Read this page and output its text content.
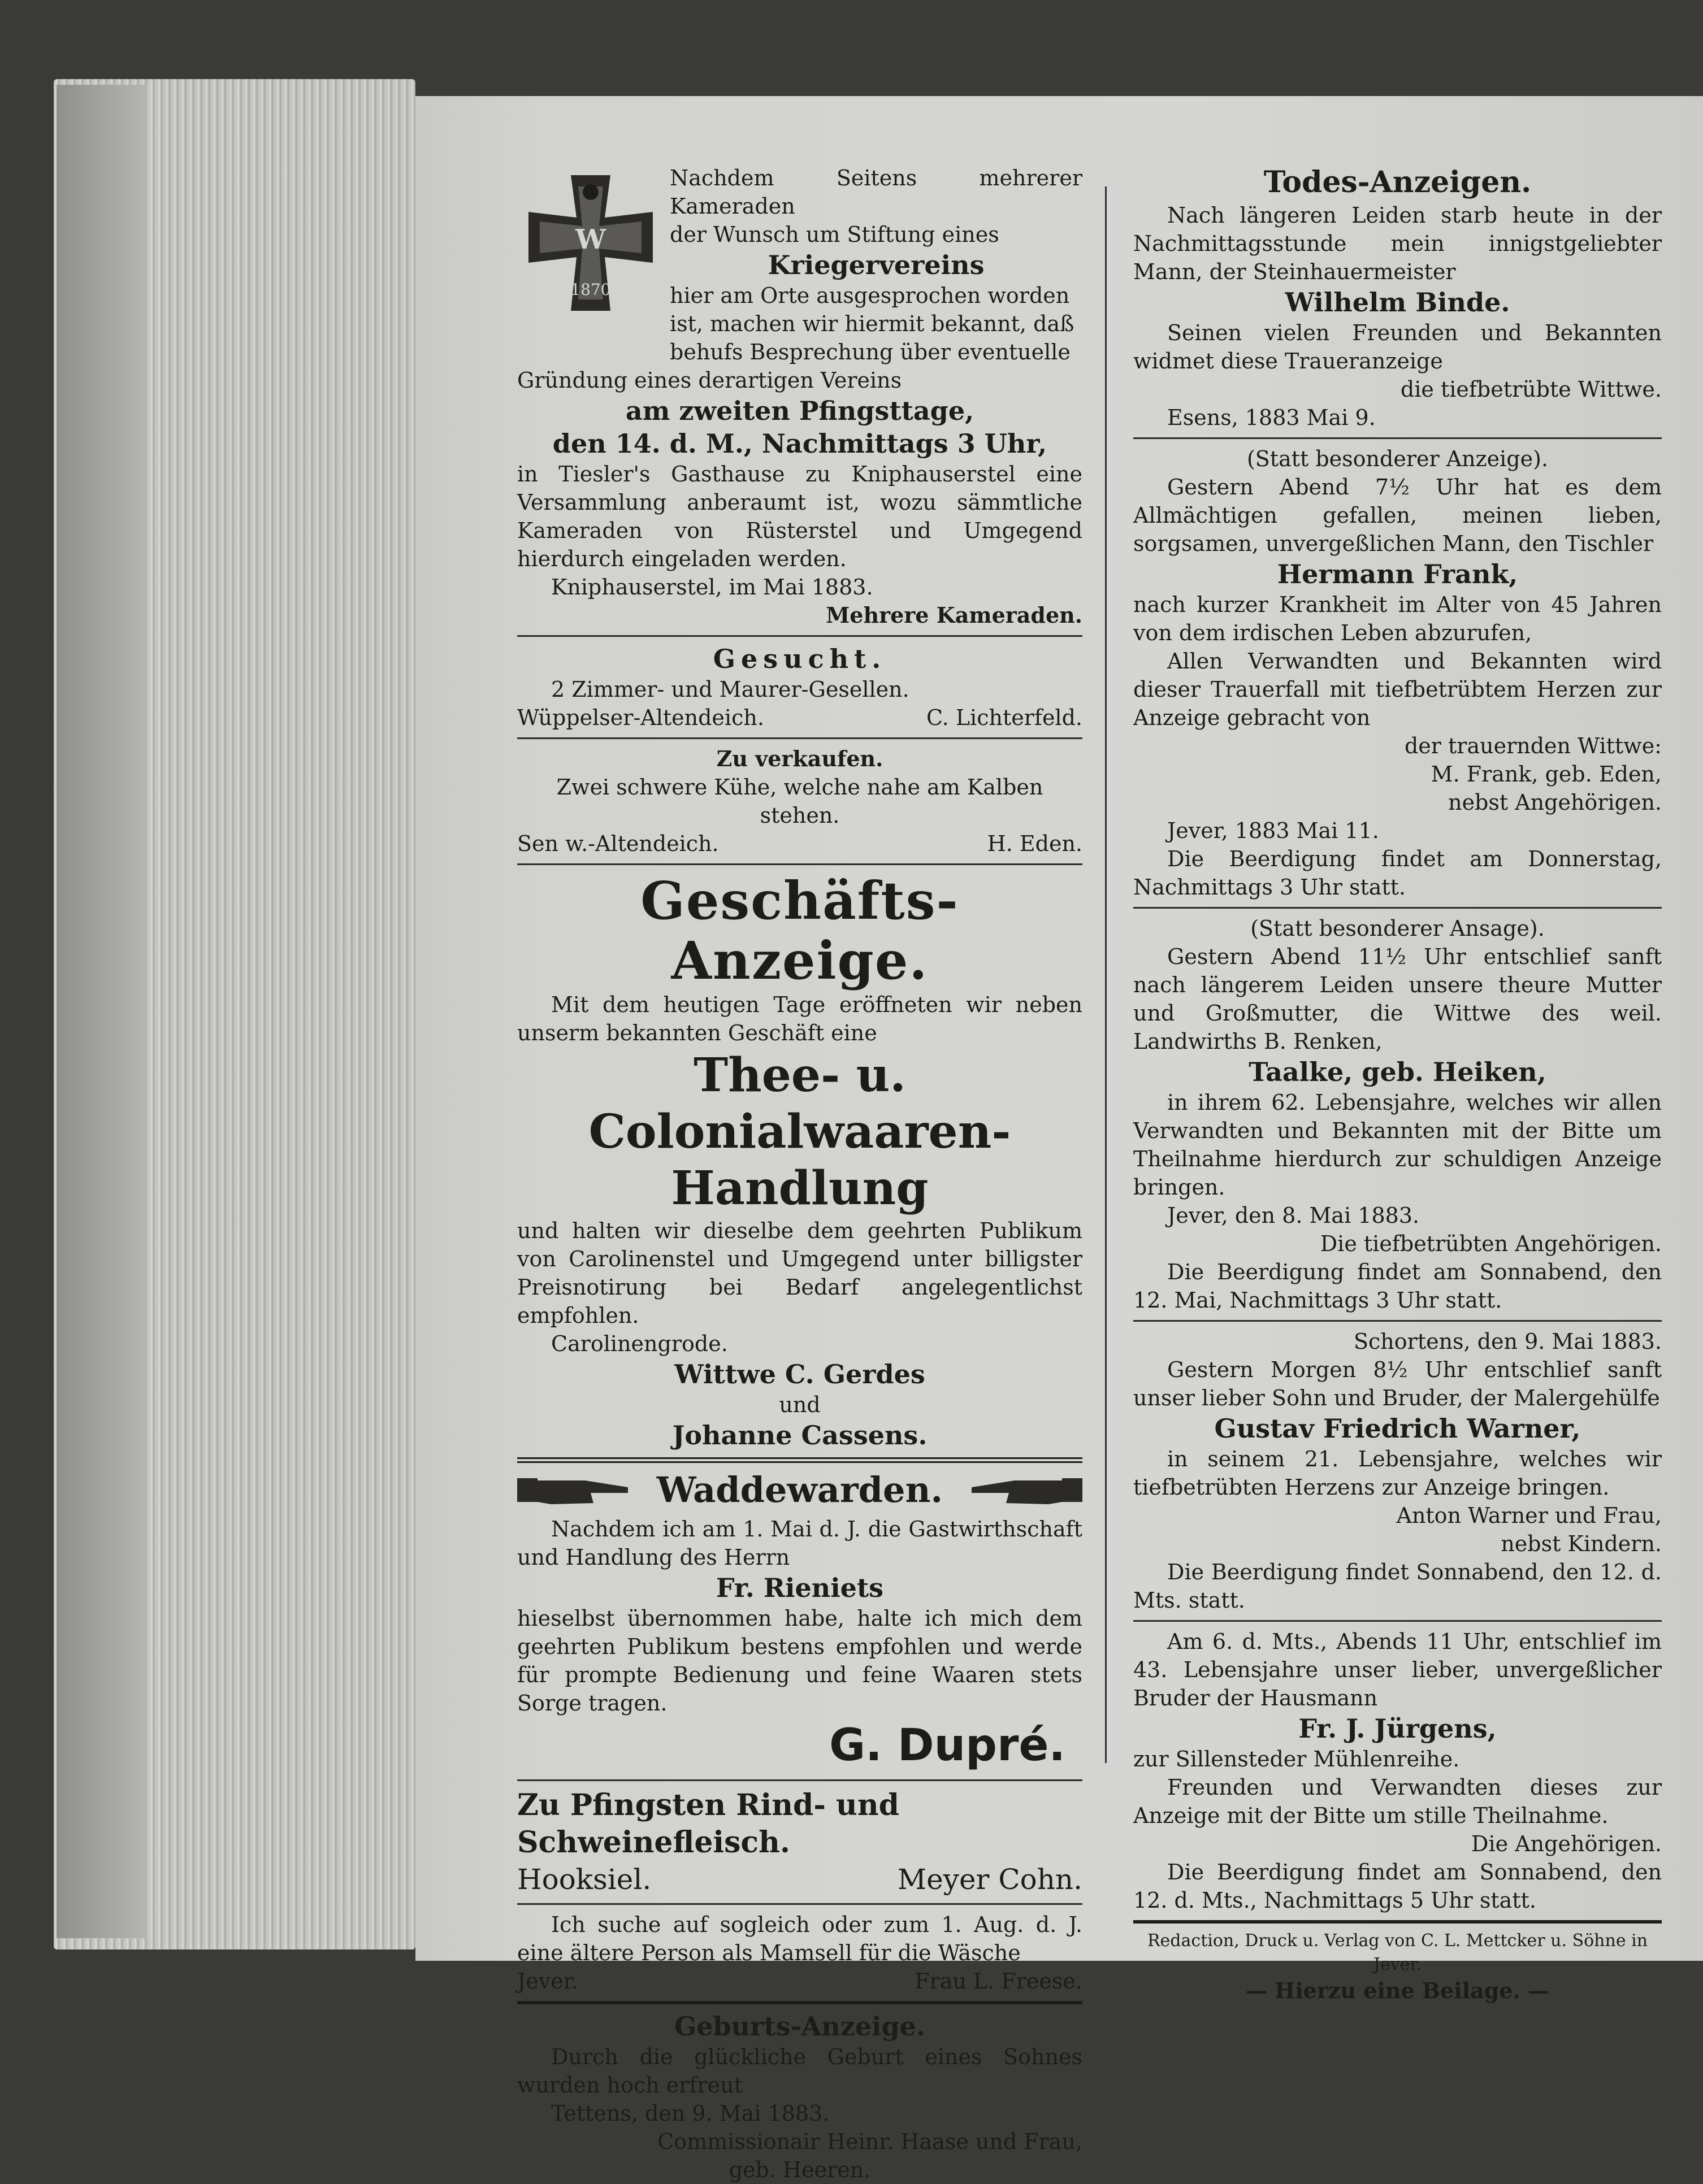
W
1870

Nachdem Seitens mehrerer Kameraden

der Wunsch um Stiftung eines

Kriegervereins

hier am Orte ausgesprochen worden

ist, machen wir hiermit bekannt, daß

behufs Besprechung über eventuelle

Gründung eines derartigen Vereins

am zweiten Pfingsttage,

den 14. d. M., Nachmittags 3 Uhr,

in Tiesler's Gasthause zu Kniphauserstel eine Versammlung anberaumt ist, wozu sämmtliche Kameraden von Rüsterstel und Umgegend hierdurch eingeladen werden.

Kniphauserstel, im Mai 1883.

Mehrere Kameraden.

Gesucht.

2 Zimmer- und Maurer-Gesellen.

Wüppelser-Altendeich.	C. Lichterfeld.

Zu verkaufen.

Zwei schwere Kühe, welche nahe am Kalben stehen.

Sen w.-Altendeich.	H. Eden.

Geschäfts-Anzeige.

Mit dem heutigen Tage eröffneten wir neben unserm bekannten Geschäft eine

Thee- u. Colonialwaaren-

Handlung

und halten wir dieselbe dem geehrten Publikum von Carolinenstel und Umgegend unter billigster Preisnotirung bei Bedarf angelegentlichst empfohlen.

Carolinengrode.

Wittwe C. Gerdes

und

Johanne Cassens.

Waddewarden.

Nachdem ich am 1. Mai d. J. die Gastwirthschaft und Handlung des Herrn

Fr. Rieniets

hieselbst übernommen habe, halte ich mich dem geehrten Publikum bestens empfohlen und werde für prompte Bedienung und feine Waaren stets Sorge tragen.

G. Dupré.

Zu Pfingsten Rind- und Schweinefleisch.

Hooksiel.	Meyer Cohn.

Ich suche auf sogleich oder zum 1. Aug. d. J. eine ältere Person als Mamsell für die Wäsche

Jever.	Frau L. Freese.

Geburts-Anzeige.

Durch die glückliche Geburt eines Sohnes wurden hoch erfreut

Tettens, den 9. Mai 1883.

Commissionair Heinr. Haase und Frau,

geb. Heeren.

Todes-Anzeigen.

Nach längeren Leiden starb heute in der Nachmittagsstunde mein innigstgeliebter Mann, der Steinhauermeister

Wilhelm Binde.

Seinen vielen Freunden und Bekannten widmet diese Traueranzeige

die tiefbetrübte Wittwe.

Esens, 1883 Mai 9.

(Statt besonderer Anzeige).

Gestern Abend 7½ Uhr hat es dem Allmächtigen gefallen, meinen lieben, sorgsamen, unvergeßlichen Mann, den Tischler

Hermann Frank,

nach kurzer Krankheit im Alter von 45 Jahren von dem irdischen Leben abzurufen,

Allen Verwandten und Bekannten wird dieser Trauerfall mit tiefbetrübtem Herzen zur Anzeige gebracht von

der trauernden Wittwe:

M. Frank, geb. Eden,

nebst Angehörigen.

Jever, 1883 Mai 11.

Die Beerdigung findet am Donnerstag, Nachmittags 3 Uhr statt.

(Statt besonderer Ansage).

Gestern Abend 11½ Uhr entschlief sanft nach längerem Leiden unsere theure Mutter und Großmutter, die Wittwe des weil. Landwirths B. Renken,

Taalke, geb. Heiken,

in ihrem 62. Lebensjahre, welches wir allen Verwandten und Bekannten mit der Bitte um Theilnahme hierdurch zur schuldigen Anzeige bringen.

Jever, den 8. Mai 1883.

Die tiefbetrübten Angehörigen.

Die Beerdigung findet am Sonnabend, den 12. Mai, Nachmittags 3 Uhr statt.

Schortens, den 9. Mai 1883.

Gestern Morgen 8½ Uhr entschlief sanft unser lieber Sohn und Bruder, der Malergehülfe

Gustav Friedrich Warner,

in seinem 21. Lebensjahre, welches wir tiefbetrübten Herzens zur Anzeige bringen.

Anton Warner und Frau,

nebst Kindern.

Die Beerdigung findet Sonnabend, den 12. d. Mts. statt.

Am 6. d. Mts., Abends 11 Uhr, entschlief im 43. Lebensjahre unser lieber, unvergeßlicher Bruder der Hausmann

Fr. J. Jürgens,

zur Sillensteder Mühlenreihe.

Freunden und Verwandten dieses zur Anzeige mit der Bitte um stille Theilnahme.

Die Angehörigen.

Die Beerdigung findet am Sonnabend, den 12. d. Mts., Nachmittags 5 Uhr statt.

Redaction, Druck u. Verlag von C. L. Mettcker u. Söhne in Jever.

— Hierzu eine Beilage. —
